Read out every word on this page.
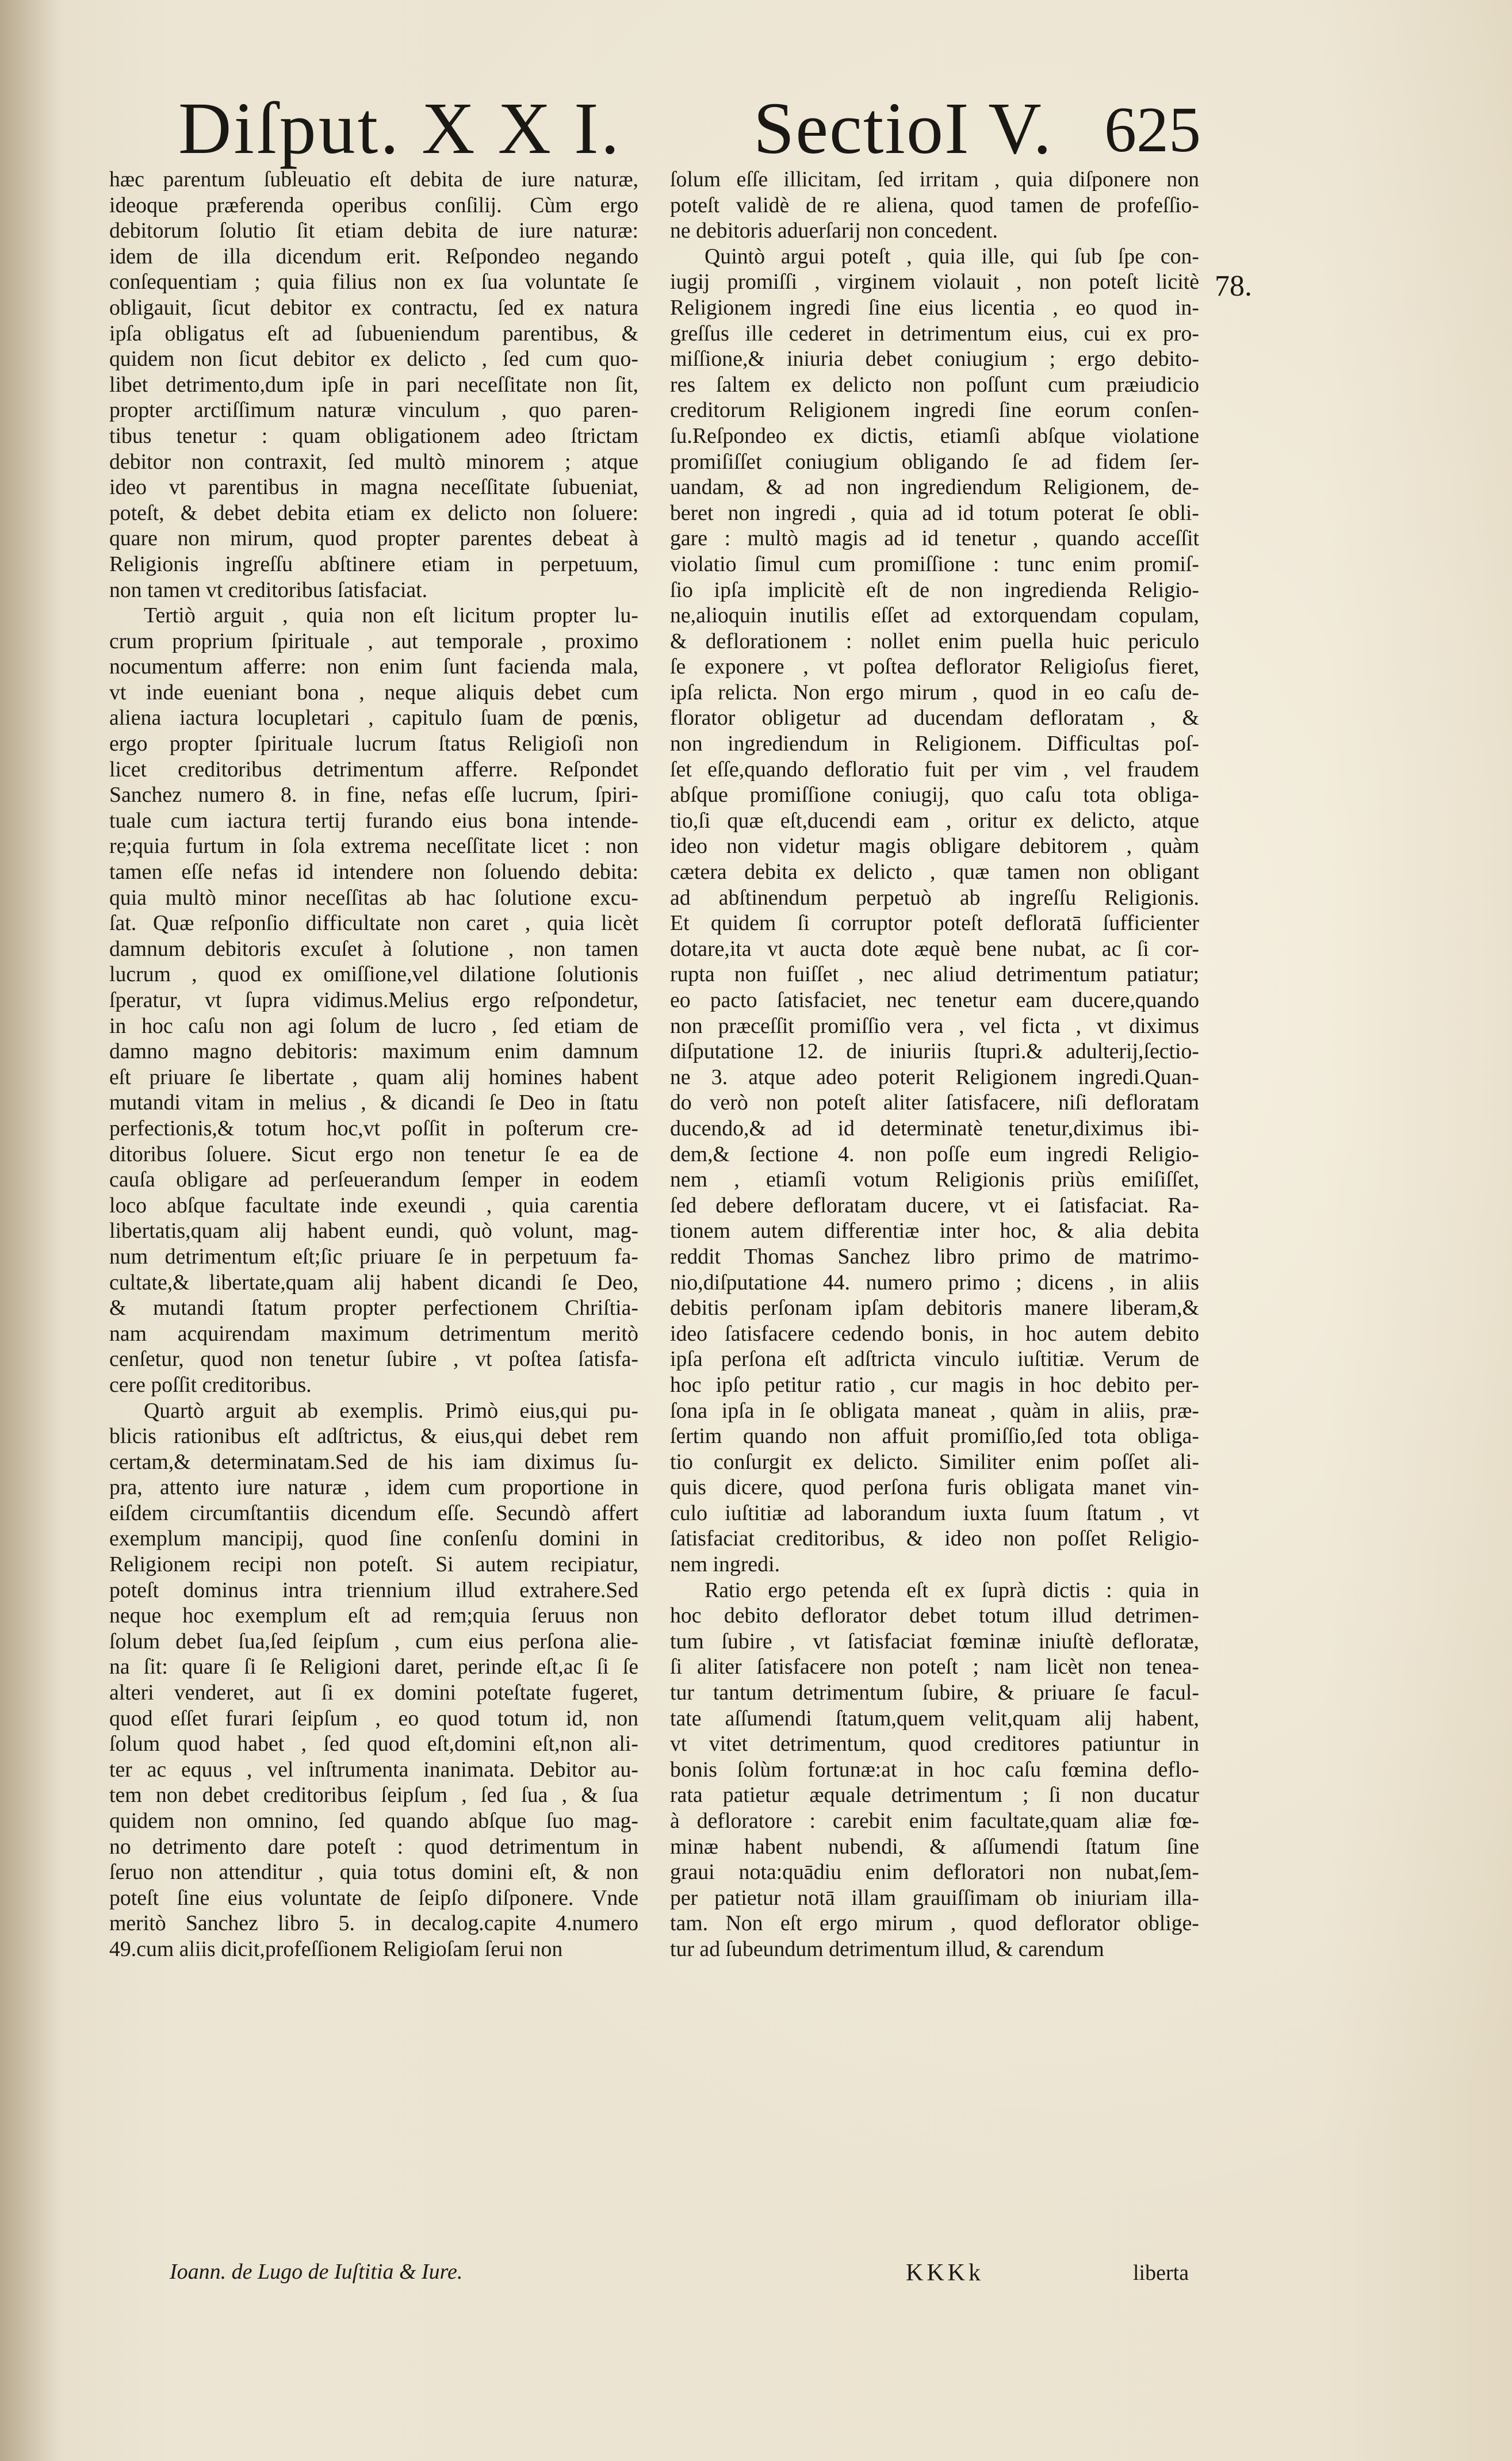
Diſput. X X I. SectioI V. 625
hæc parentum ſubleuatio eſt debita de iure naturæ,
ideoque præferenda operibus conſilij. Cùm ergo
debitorum ſolutio ſit etiam debita de iure naturæ:
idem de illa dicendum erit. Reſpondeo negando
conſequentiam ; quia filius non ex ſua voluntate ſe
obligauit, ſicut debitor ex contractu, ſed ex natura
ipſa obligatus eſt ad ſubueniendum parentibus, &
quidem non ſicut debitor ex delicto , ſed cum quo-
libet detrimento,dum ipſe in pari neceſſitate non ſit,
propter arctiſſimum naturæ vinculum , quo paren-
tibus tenetur : quam obligationem adeo ſtrictam
debitor non contraxit, ſed multò minorem ; atque
ideo vt parentibus in magna neceſſitate ſubueniat,
poteſt, & debet debita etiam ex delicto non ſoluere:
quare non mirum, quod propter parentes debeat à
Religionis ingreſſu abſtinere etiam in perpetuum,
non tamen vt creditoribus ſatisfaciat.
Tertiò arguit , quia non eſt licitum propter lu-
crum proprium ſpirituale , aut temporale , proximo
nocumentum afferre: non enim ſunt facienda mala,
vt inde eueniant bona , neque aliquis debet cum
aliena iactura locupletari , capitulo ſuam de pœnis,
ergo propter ſpirituale lucrum ſtatus Religioſi non
licet creditoribus detrimentum afferre. Reſpondet
Sanchez numero 8. in fine, nefas eſſe lucrum, ſpiri-
tuale cum iactura tertij furando eius bona intende-
re;quia furtum in ſola extrema neceſſitate licet : non
tamen eſſe nefas id intendere non ſoluendo debita:
quia multò minor neceſſitas ab hac ſolutione excu-
ſat. Quæ reſponſio difficultate non caret , quia licèt
damnum debitoris excuſet à ſolutione , non tamen
lucrum , quod ex omiſſione,vel dilatione ſolutionis
ſperatur, vt ſupra vidimus.Melius ergo reſpondetur,
in hoc caſu non agi ſolum de lucro , ſed etiam de
damno magno debitoris: maximum enim damnum
eſt priuare ſe libertate , quam alij homines habent
mutandi vitam in melius , & dicandi ſe Deo in ſtatu
perfectionis,& totum hoc,vt poſſit in poſterum cre-
ditoribus ſoluere. Sicut ergo non tenetur ſe ea de
cauſa obligare ad perſeuerandum ſemper in eodem
loco abſque facultate inde exeundi , quia carentia
libertatis,quam alij habent eundi, quò volunt, mag-
num detrimentum eſt;ſic priuare ſe in perpetuum fa-
cultate,& libertate,quam alij habent dicandi ſe Deo,
& mutandi ſtatum propter perfectionem Chriſtia-
nam acquirendam maximum detrimentum meritò
cenſetur, quod non tenetur ſubire , vt poſtea ſatisfa-
cere poſſit creditoribus.
Quartò arguit ab exemplis. Primò eius,qui pu-
blicis rationibus eſt adſtrictus, & eius,qui debet rem
certam,& determinatam.Sed de his iam diximus ſu-
pra, attento iure naturæ , idem cum proportione in
eiſdem circumſtantiis dicendum eſſe. Secundò affert
exemplum mancipij, quod ſine conſenſu domini in
Religionem recipi non poteſt. Si autem recipiatur,
poteſt dominus intra triennium illud extrahere.Sed
neque hoc exemplum eſt ad rem;quia ſeruus non
ſolum debet ſua,ſed ſeipſum , cum eius perſona alie-
na ſit: quare ſi ſe Religioni daret, perinde eſt,ac ſi ſe
alteri venderet, aut ſi ex domini poteſtate fugeret,
quod eſſet furari ſeipſum , eo quod totum id, non
ſolum quod habet , ſed quod eſt,domini eſt,non ali-
ter ac equus , vel inſtrumenta inanimata. Debitor au-
tem non debet creditoribus ſeipſum , ſed ſua , & ſua
quidem non omnino, ſed quando abſque ſuo mag-
no detrimento dare poteſt : quod detrimentum in
ſeruo non attenditur , quia totus domini eſt, & non
poteſt ſine eius voluntate de ſeipſo diſponere. Vnde
meritò Sanchez libro 5. in decalog.capite 4.numero
49.cum aliis dicit,profeſſionem Religioſam ſerui non
ſolum eſſe illicitam, ſed irritam , quia diſponere non
poteſt validè de re aliena, quod tamen de profeſſio-
ne debitoris aduerſarij non concedent.
Quintò argui poteſt , quia ille, qui ſub ſpe con-
iugij promiſſi , virginem violauit , non poteſt licitè
Religionem ingredi ſine eius licentia , eo quod in-
greſſus ille cederet in detrimentum eius, cui ex pro-
miſſione,& iniuria debet coniugium ; ergo debito-
res ſaltem ex delicto non poſſunt cum præiudicio
creditorum Religionem ingredi ſine eorum conſen-
ſu.Reſpondeo ex dictis, etiamſi abſque violatione
promiſiſſet coniugium obligando ſe ad fidem ſer-
uandam, & ad non ingrediendum Religionem, de-
beret non ingredi , quia ad id totum poterat ſe obli-
gare : multò magis ad id tenetur , quando acceſſit
violatio ſimul cum promiſſione : tunc enim promiſ-
ſio ipſa implicitè eſt de non ingredienda Religio-
ne,alioquin inutilis eſſet ad extorquendam copulam,
& deflorationem : nollet enim puella huic periculo
ſe exponere , vt poſtea deflorator Religioſus fieret,
ipſa relicta. Non ergo mirum , quod in eo caſu de-
florator obligetur ad ducendam defloratam , &
non ingrediendum in Religionem. Difficultas poſ-
ſet eſſe,quando defloratio fuit per vim , vel fraudem
abſque promiſſione coniugij, quo caſu tota obliga-
tio,ſi quæ eſt,ducendi eam , oritur ex delicto, atque
ideo non videtur magis obligare debitorem , quàm
cætera debita ex delicto , quæ tamen non obligant
ad abſtinendum perpetuò ab ingreſſu Religionis.
Et quidem ſi corruptor poteſt defloratā ſufficienter
dotare,ita vt aucta dote æquè bene nubat, ac ſi cor-
rupta non fuiſſet , nec aliud detrimentum patiatur;
eo pacto ſatisfaciet, nec tenetur eam ducere,quando
non præceſſit promiſſio vera , vel ficta , vt diximus
diſputatione 12. de iniuriis ſtupri.& adulterij,ſectio-
ne 3. atque adeo poterit Religionem ingredi.Quan-
do verò non poteſt aliter ſatisfacere, niſi defloratam
ducendo,& ad id determinatè tenetur,diximus ibi-
dem,& ſectione 4. non poſſe eum ingredi Religio-
nem , etiamſi votum Religionis priùs emiſiſſet,
ſed debere defloratam ducere, vt ei ſatisfaciat. Ra-
tionem autem differentiæ inter hoc, & alia debita
reddit Thomas Sanchez libro primo de matrimo-
nio,diſputatione 44. numero primo ; dicens , in aliis
debitis perſonam ipſam debitoris manere liberam,&
ideo ſatisfacere cedendo bonis, in hoc autem debito
ipſa perſona eſt adſtricta vinculo iuſtitiæ. Verum de
hoc ipſo petitur ratio , cur magis in hoc debito per-
ſona ipſa in ſe obligata maneat , quàm in aliis, præ-
ſertim quando non affuit promiſſio,ſed tota obliga-
tio conſurgit ex delicto. Similiter enim poſſet ali-
quis dicere, quod perſona furis obligata manet vin-
culo iuſtitiæ ad laborandum iuxta ſuum ſtatum , vt
ſatisfaciat creditoribus, & ideo non poſſet Religio-
nem ingredi.
Ratio ergo petenda eſt ex ſuprà dictis : quia in
hoc debito deflorator debet totum illud detrimen-
tum ſubire , vt ſatisfaciat fœminæ iniuſtè defloratæ,
ſi aliter ſatisfacere non poteſt ; nam licèt non tenea-
tur tantum detrimentum ſubire, & priuare ſe facul-
tate aſſumendi ſtatum,quem velit,quam alij habent,
vt vitet detrimentum, quod creditores patiuntur in
bonis ſolùm fortunæ:at in hoc caſu fœmina deflo-
rata patietur æquale detrimentum ; ſi non ducatur
à defloratore : carebit enim facultate,quam aliæ fœ-
minæ habent nubendi, & aſſumendi ſtatum ſine
graui nota:quādiu enim defloratori non nubat,ſem-
per patietur notā illam grauiſſimam ob iniuriam illa-
tam. Non eſt ergo mirum , quod deflorator oblige-
tur ad ſubeundum detrimentum illud, & carendum
78.
Ioann. de Lugo de Iuſtitia & Iure.	KKKk	liberta
